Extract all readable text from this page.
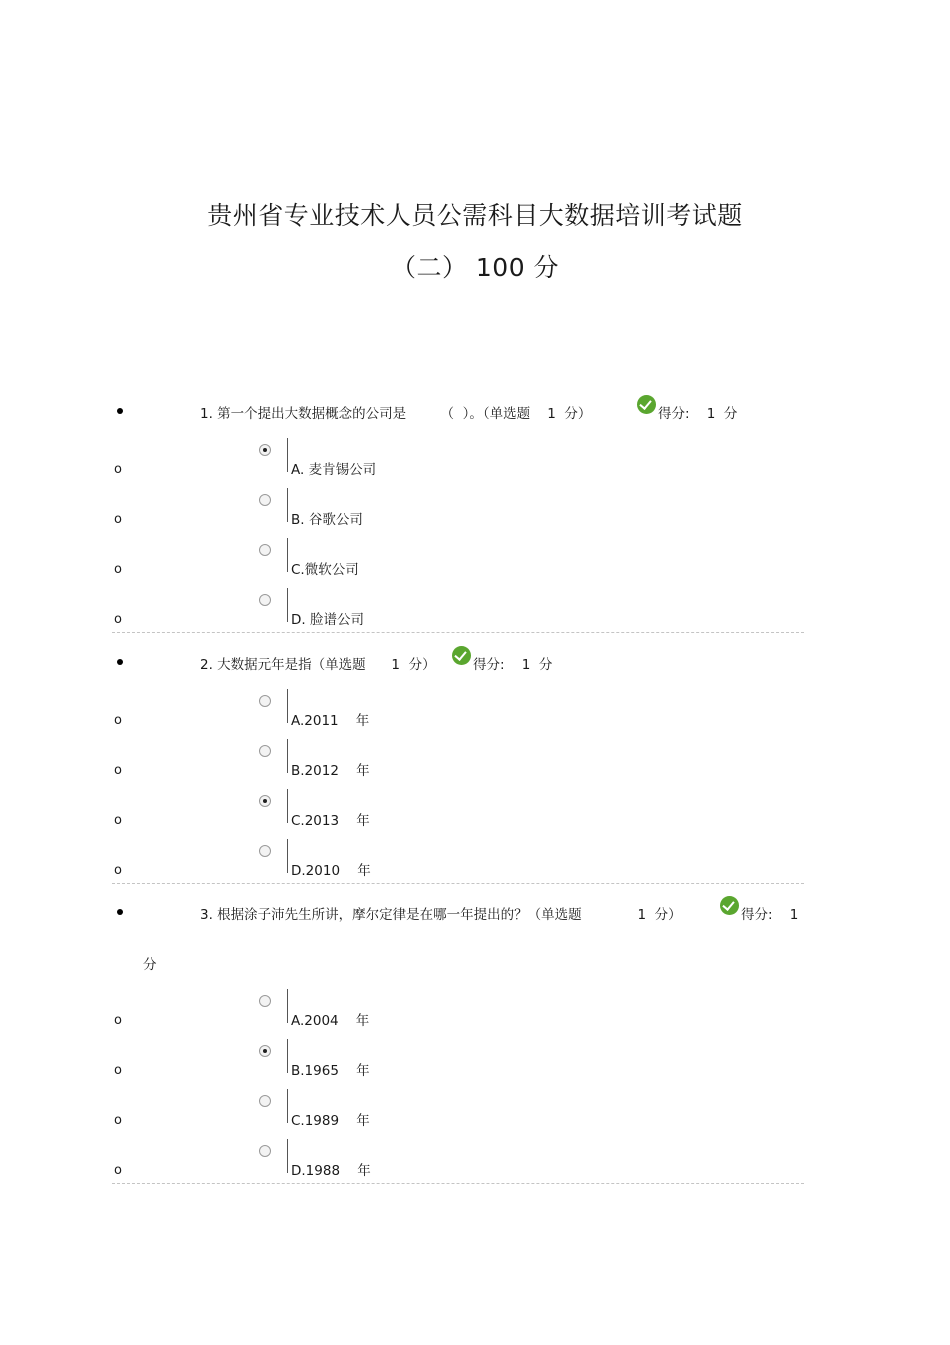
贵州省专业技术人员公需科目大数据培训考试题
（二） 100 分
1. 第一个提出大数据概念的公司是        （  ）。（单选题    1  分）	得分:    1  分
o	A. 麦肯锡公司
o	B. 谷歌公司
o	C.微软公司
o	D. 脸谱公司
2. 大数据元年是指（单选题      1  分）	得分:    1  分
o	A.2011    年
o	B.2012    年
o	C.2013    年
o	D.2010    年
3. 根据涂子沛先生所讲，摩尔定律是在哪一年提出的？（单选题             1  分）	得分:    1
分
o	A.2004    年
o	B.1965    年
o	C.1989    年
o	D.1988    年
